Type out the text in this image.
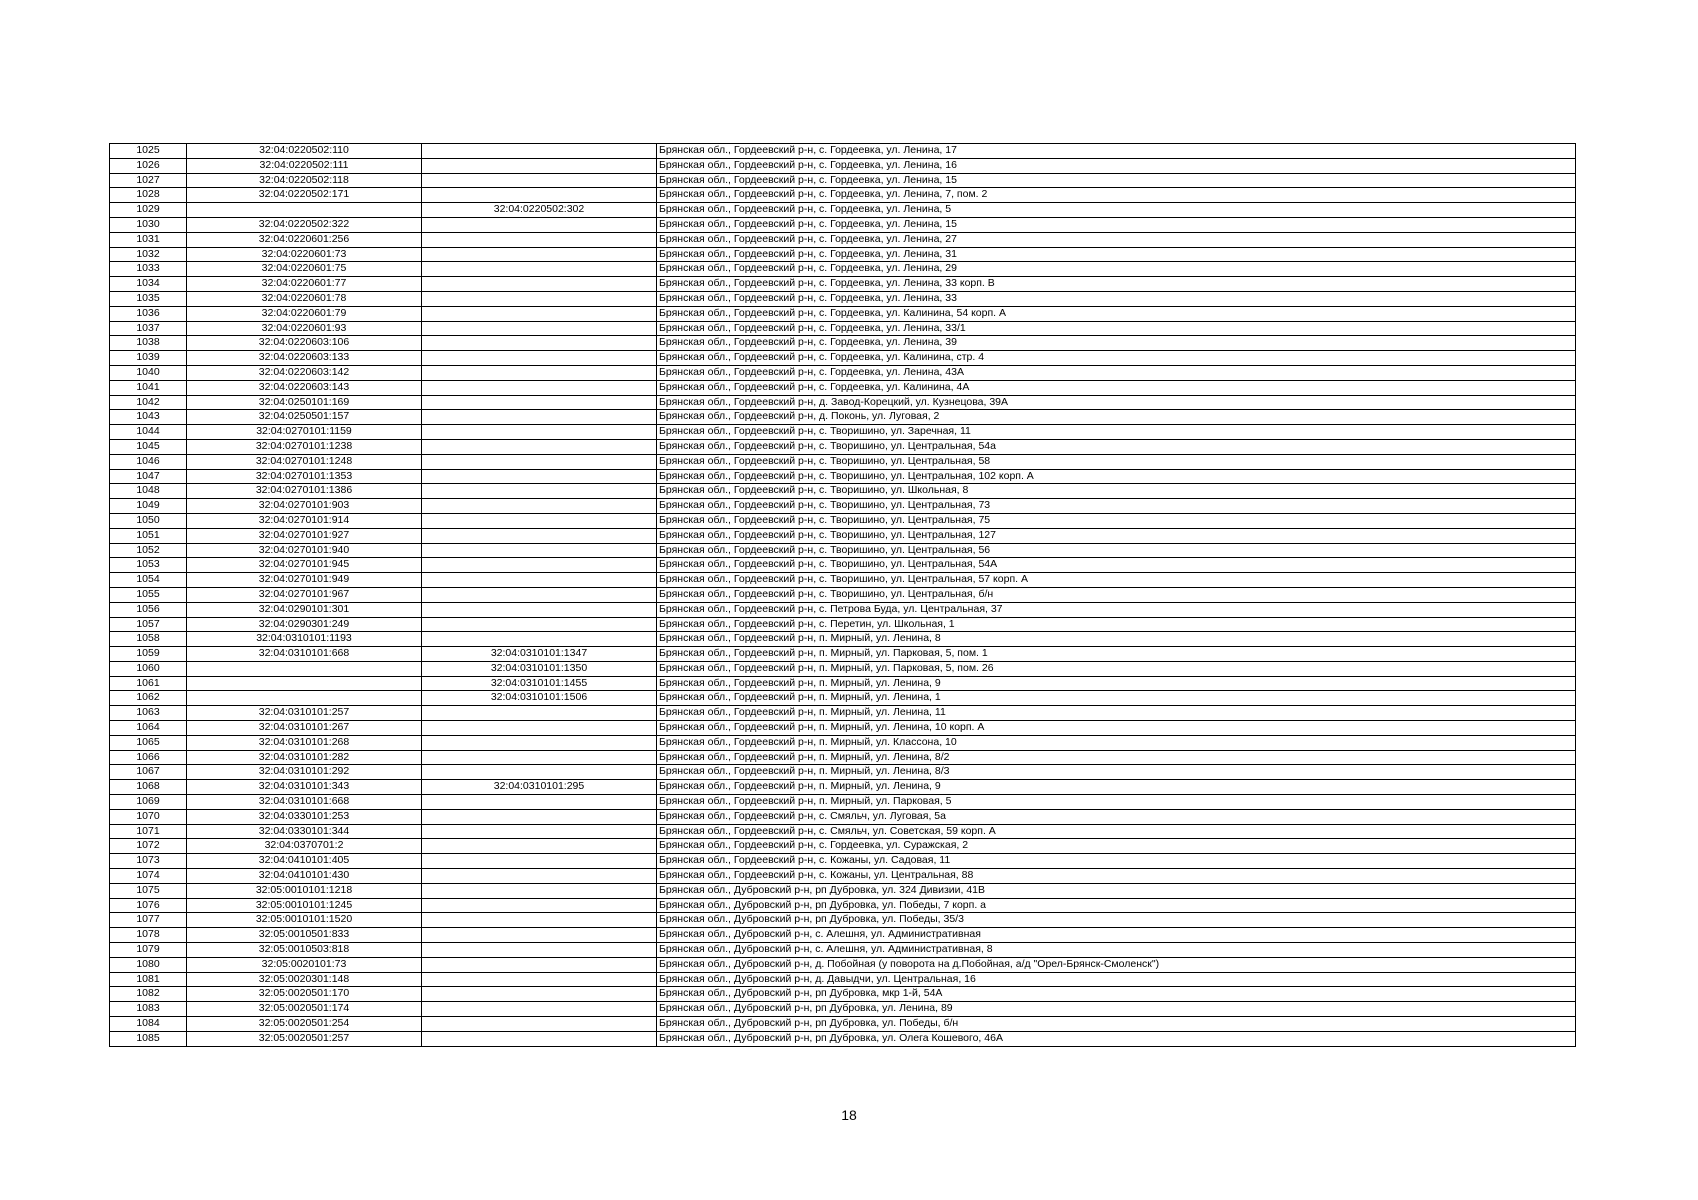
1025	32:04:0220502:110		Брянская обл., Гордеевский р-н, с. Гордеевка, ул. Ленина, 17
1026	32:04:0220502:111		Брянская обл., Гордеевский р-н, с. Гордеевка, ул. Ленина, 16
1027	32:04:0220502:118		Брянская обл., Гордеевский р-н, с. Гордеевка, ул. Ленина, 15
1028	32:04:0220502:171		Брянская обл., Гордеевский р-н, с. Гордеевка, ул. Ленина, 7, пом. 2
1029		32:04:0220502:302	Брянская обл., Гордеевский р-н, с. Гордеевка, ул. Ленина, 5
1030	32:04:0220502:322		Брянская обл., Гордеевский р-н, с. Гордеевка, ул. Ленина, 15
1031	32:04:0220601:256		Брянская обл., Гордеевский р-н, с. Гордеевка, ул. Ленина, 27
1032	32:04:0220601:73		Брянская обл., Гордеевский р-н, с. Гордеевка, ул. Ленина, 31
1033	32:04:0220601:75		Брянская обл., Гордеевский р-н, с. Гордеевка, ул. Ленина, 29
1034	32:04:0220601:77		Брянская обл., Гордеевский р-н, с. Гордеевка, ул. Ленина, 33 корп. В
1035	32:04:0220601:78		Брянская обл., Гордеевский р-н, с. Гордеевка, ул. Ленина, 33
1036	32:04:0220601:79		Брянская обл., Гордеевский р-н, с. Гордеевка, ул. Калинина, 54 корп. А
1037	32:04:0220601:93		Брянская обл., Гордеевский р-н, с. Гордеевка, ул. Ленина, 33/1
1038	32:04:0220603:106		Брянская обл., Гордеевский р-н, с. Гордеевка, ул. Ленина, 39
1039	32:04:0220603:133		Брянская обл., Гордеевский р-н, с. Гордеевка, ул. Калинина, стр. 4
1040	32:04:0220603:142		Брянская обл., Гордеевский р-н, с. Гордеевка, ул. Ленина, 43А
1041	32:04:0220603:143		Брянская обл., Гордеевский р-н, с. Гордеевка, ул. Калинина, 4А
1042	32:04:0250101:169		Брянская обл., Гордеевский р-н, д. Завод-Корецкий, ул. Кузнецова, 39А
1043	32:04:0250501:157		Брянская обл., Гордеевский р-н, д. Поконь, ул. Луговая, 2
1044	32:04:0270101:1159		Брянская обл., Гордеевский р-н, с. Творишино, ул. Заречная, 11
1045	32:04:0270101:1238		Брянская обл., Гордеевский р-н, с. Творишино, ул. Центральная, 54а
1046	32:04:0270101:1248		Брянская обл., Гордеевский р-н, с. Творишино, ул. Центральная, 58
1047	32:04:0270101:1353		Брянская обл., Гордеевский р-н, с. Творишино, ул. Центральная, 102 корп. А
1048	32:04:0270101:1386		Брянская обл., Гордеевский р-н, с. Творишино, ул. Школьная, 8
1049	32:04:0270101:903		Брянская обл., Гордеевский р-н, с. Творишино, ул. Центральная, 73
1050	32:04:0270101:914		Брянская обл., Гордеевский р-н, с. Творишино, ул. Центральная, 75
1051	32:04:0270101:927		Брянская обл., Гордеевский р-н, с. Творишино, ул. Центральная, 127
1052	32:04:0270101:940		Брянская обл., Гордеевский р-н, с. Творишино, ул. Центральная, 56
1053	32:04:0270101:945		Брянская обл., Гордеевский р-н, с. Творишино, ул. Центральная, 54А
1054	32:04:0270101:949		Брянская обл., Гордеевский р-н, с. Творишино, ул. Центральная, 57 корп. А
1055	32:04:0270101:967		Брянская обл., Гордеевский р-н, с. Творишино, ул. Центральная, б/н
1056	32:04:0290101:301		Брянская обл., Гордеевский р-н, с. Петрова Буда, ул. Центральная, 37
1057	32:04:0290301:249		Брянская обл., Гордеевский р-н, с. Перетин, ул. Школьная, 1
1058	32:04:0310101:1193		Брянская обл., Гордеевский р-н, п. Мирный, ул. Ленина, 8
1059	32:04:0310101:668	32:04:0310101:1347	Брянская обл., Гордеевский р-н, п. Мирный, ул. Парковая, 5, пом. 1
1060		32:04:0310101:1350	Брянская обл., Гордеевский р-н, п. Мирный, ул. Парковая, 5, пом. 26
1061		32:04:0310101:1455	Брянская обл., Гордеевский р-н, п. Мирный, ул. Ленина, 9
1062		32:04:0310101:1506	Брянская обл., Гордеевский р-н, п. Мирный, ул. Ленина, 1
1063	32:04:0310101:257		Брянская обл., Гордеевский р-н, п. Мирный, ул. Ленина, 11
1064	32:04:0310101:267		Брянская обл., Гордеевский р-н, п. Мирный, ул. Ленина, 10 корп. А
1065	32:04:0310101:268		Брянская обл., Гордеевский р-н, п. Мирный, ул. Классона, 10
1066	32:04:0310101:282		Брянская обл., Гордеевский р-н, п. Мирный, ул. Ленина, 8/2
1067	32:04:0310101:292		Брянская обл., Гордеевский р-н, п. Мирный, ул. Ленина, 8/3
1068	32:04:0310101:343	32:04:0310101:295	Брянская обл., Гордеевский р-н, п. Мирный, ул. Ленина, 9
1069	32:04:0310101:668		Брянская обл., Гордеевский р-н, п. Мирный, ул. Парковая, 5
1070	32:04:0330101:253		Брянская обл., Гордеевский р-н, с. Смяльч, ул. Луговая, 5а
1071	32:04:0330101:344		Брянская обл., Гордеевский р-н, с. Смяльч, ул. Советская, 59 корп. А
1072	32:04:0370701:2		Брянская обл., Гордеевский р-н, с. Гордеевка, ул. Суражская, 2
1073	32:04:0410101:405		Брянская обл., Гордеевский р-н, с. Кожаны, ул. Садовая, 11
1074	32:04:0410101:430		Брянская обл., Гордеевский р-н, с. Кожаны, ул. Центральная, 88
1075	32:05:0010101:1218		Брянская обл., Дубровский р-н, рп Дубровка, ул. 324 Дивизии, 41В
1076	32:05:0010101:1245		Брянская обл., Дубровский р-н, рп Дубровка, ул. Победы, 7 корп. а
1077	32:05:0010101:1520		Брянская обл., Дубровский р-н, рп Дубровка, ул. Победы, 35/3
1078	32:05:0010501:833		Брянская обл., Дубровский р-н, с. Алешня, ул. Административная
1079	32:05:0010503:818		Брянская обл., Дубровский р-н, с. Алешня, ул. Административная, 8
1080	32:05:0020101:73		Брянская обл., Дубровский р-н, д. Побойная (у поворота на д.Побойная, а/д "Орел-Брянск-Смоленск")
1081	32:05:0020301:148		Брянская обл., Дубровский р-н, д. Давыдчи, ул. Центральная, 16
1082	32:05:0020501:170		Брянская обл., Дубровский р-н, рп Дубровка, мкр 1-й, 54А
1083	32:05:0020501:174		Брянская обл., Дубровский р-н, рп Дубровка, ул. Ленина, 89
1084	32:05:0020501:254		Брянская обл., Дубровский р-н, рп Дубровка, ул. Победы, б/н
1085	32:05:0020501:257		Брянская обл., Дубровский р-н, рп Дубровка, ул. Олега Кошевого, 46А
18
